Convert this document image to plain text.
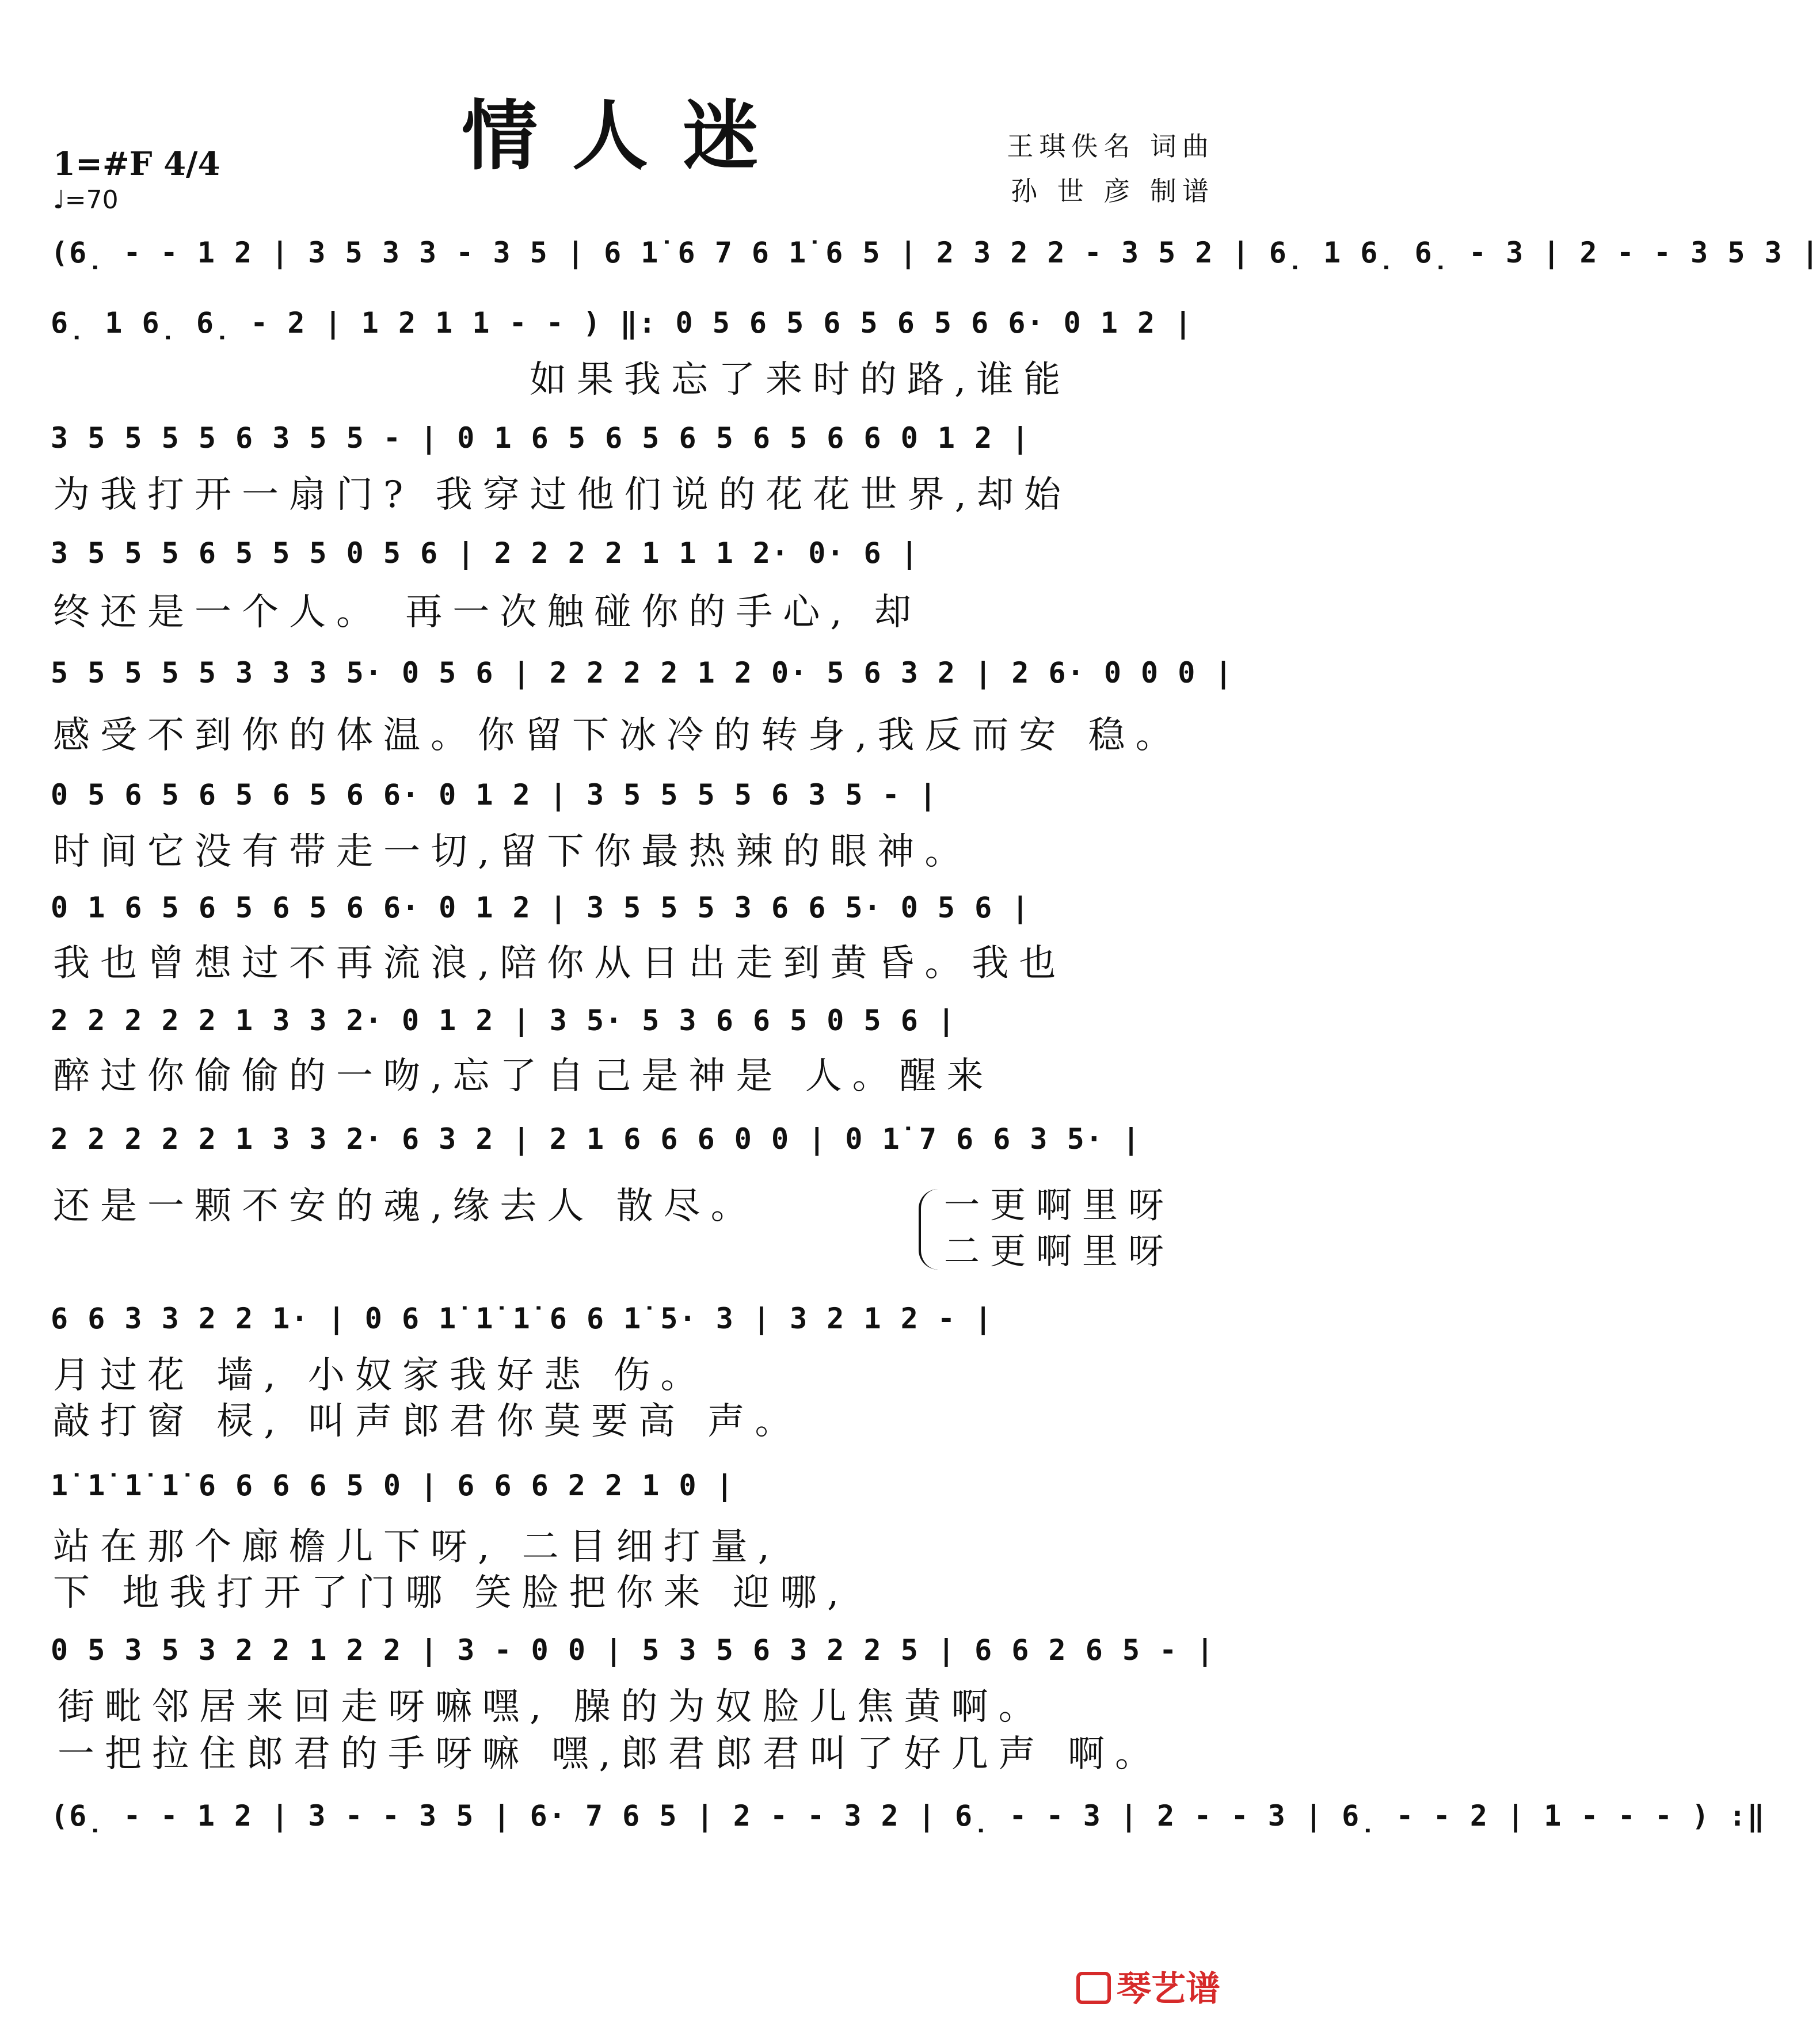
情人迷	王琪佚名 词曲
孙 世 彦 制谱
1=#F 4/4
♩=70
(6̣ - - 1 2 | 3 5 3 3 - 3 5 | 6 1̇ 6 7 6 1̇ 6 5 | 2 3 2 2 - 3 5 2 | 6̣ 1 6̣ 6̣ - 3 | 2 - - 3 5 3 |
6̣ 1 6̣ 6̣ - 2 | 1 2 1 1 - - ) ‖: 0 5 6 5 6 5 6 5 6 6· 0 1 2 |
如果我忘了来时的路,谁能
3 5 5 5 5 6 3 5 5 - | 0 1 6 5 6 5 6 5 6 5 6 6 0 1 2 |
为我打开一扇门? 我穿过他们说的花花世界,却始
3 5 5 5 6 5 5 5 0 5 6 | 2 2 2 2 1 1 1 2· 0· 6 |
终还是一个人。 再一次触碰你的手心, 却
5 5 5 5 5 3 3 3 5· 0 5 6 | 2 2 2 2 1 2 0· 5 6 3 2 | 2 6· 0 0 0 |
感受不到你的体温。你留下冰冷的转身,我反而安 稳。
0 5 6 5 6 5 6 5 6 6· 0 1 2 | 3 5 5 5 5 6 3 5 - |
时间它没有带走一切,留下你最热辣的眼神。
0 1 6 5 6 5 6 5 6 6· 0 1 2 | 3 5 5 5 3 6 6 5· 0 5 6 |
我也曾想过不再流浪,陪你从日出走到黄昏。我也
2 2 2 2 2 1 3 3 2· 0 1 2 | 3 5· 5 3 6 6 5 0 5 6 |
醉过你偷偷的一吻,忘了自己是神是 人。醒来
2 2 2 2 2 1 3 3 2· 6 3 2 | 2 1 6 6 6 0 0 | 0 1̇ 7 6 6 3 5· |
还是一颗不安的魂,缘去人 散尽。	一更啊里呀
二更啊里呀
6 6 3 3 2 2 1· | 0 6 1̇ 1̇ 1̇ 6 6 1̇ 5· 3 | 3 2 1 2 - |
月过花 墙, 小奴家我好悲 伤。
敲打窗 棂, 叫声郎君你莫要高 声。
1̇ 1̇ 1̇ 1̇ 6 6 6 6 5 0 | 6 6 6 2 2 1 0 |
站在那个廊檐儿下呀, 二目细打量,
下 地我打开了门哪 笑脸把你来 迎哪,
0 5 3 5 3 2 2 1 2 2 | 3 - 0 0 | 5 3 5 6 3 2 2 5 | 6 6 2 6 5 - |
街毗邻居来回走呀嘛嘿, 臊的为奴脸儿焦黄啊。
一把拉住郎君的手呀嘛 嘿,郎君郎君叫了好几声 啊。
(6̣ - - 1 2 | 3 - - 3 5 | 6· 7 6 5 | 2 - - 3 2 | 6̣ - - 3 | 2 - - 3 | 6̣ - - 2 | 1 - - - ) :‖
琴艺谱
